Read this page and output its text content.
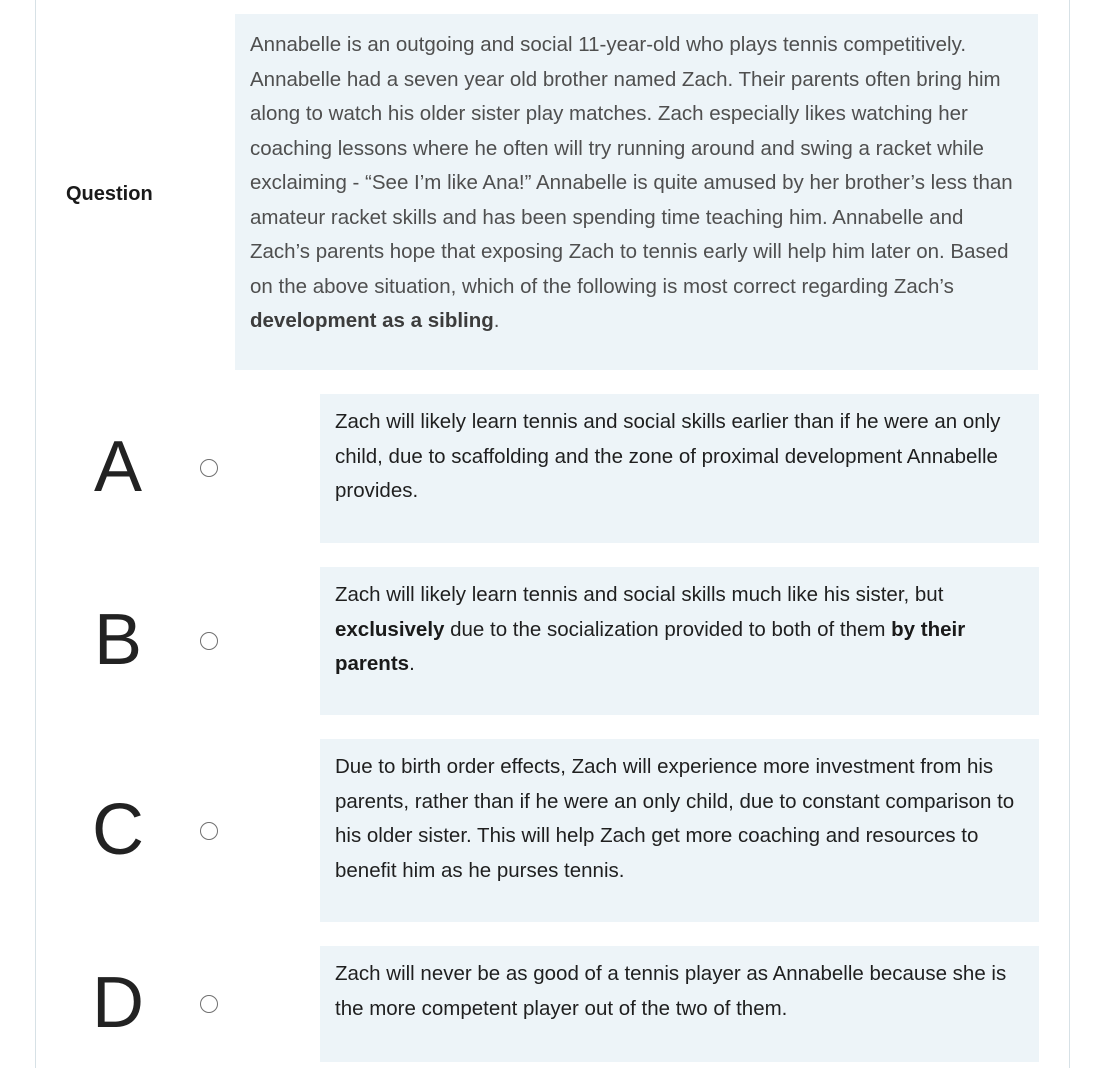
Question
Annabelle is an outgoing and social 11-year-old who plays tennis competitively. Annabelle had a seven year old brother named Zach. Their parents often bring him along to watch his older sister play matches. Zach especially likes watching her coaching lessons where he often will try running around and swing a racket while exclaiming - “See I’m like Ana!” Annabelle is quite amused by her brother’s less than amateur racket skills and has been spending time teaching him. Annabelle and Zach’s parents hope that exposing Zach to tennis early will help him later on. Based on the above situation, which of the following is most correct regarding Zach’s development as a sibling.
A
Zach will likely learn tennis and social skills earlier than if he were an only child, due to scaffolding and the zone of proximal development Annabelle provides.
B
Zach will likely learn tennis and social skills much like his sister, but exclusively due to the socialization provided to both of them by their parents.
C
Due to birth order effects, Zach will experience more investment from his parents, rather than if he were an only child, due to constant comparison to his older sister. This will help Zach get more coaching and resources to benefit him as he purses tennis.
D	Zach will never be as good of a tennis player as Annabelle because she is the more competent player out of the two of them.
